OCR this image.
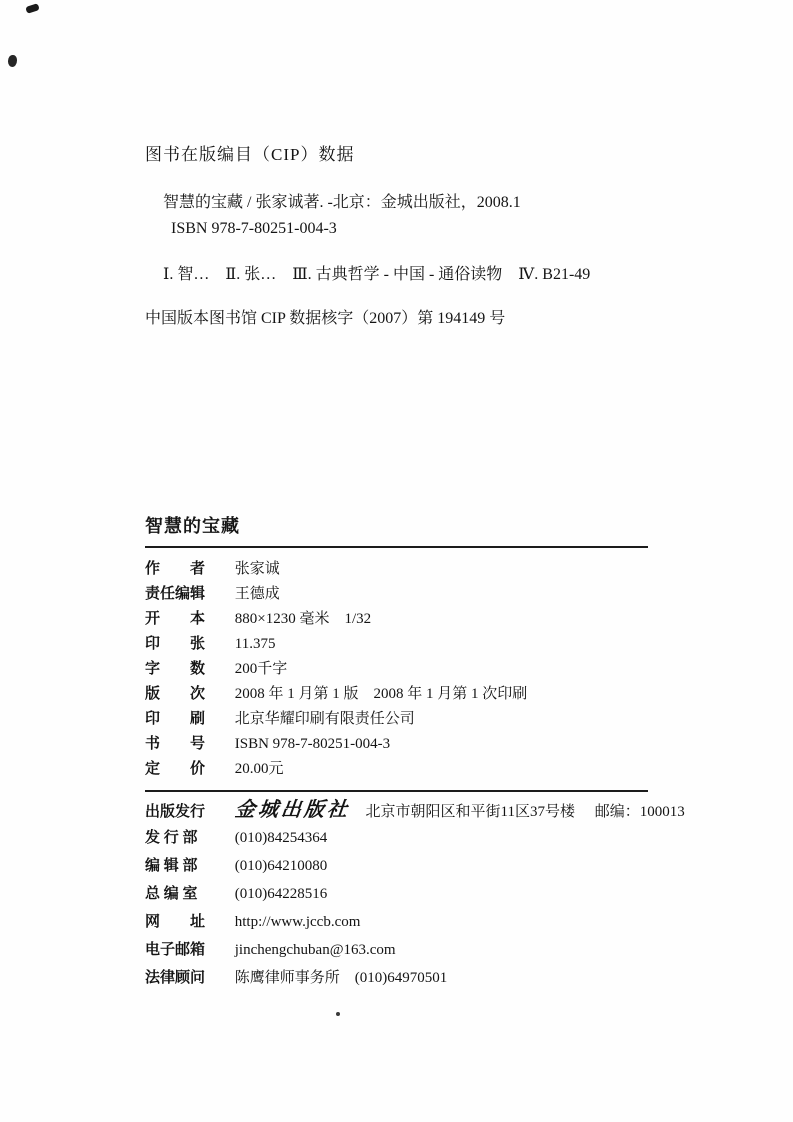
图书在版编目（CIP）数据
智慧的宝藏 / 张家诚著. -北京：金城出版社，2008.1
ISBN 978-7-80251-004-3
Ⅰ. 智…　Ⅱ. 张…　Ⅲ. 古典哲学 - 中国 - 通俗读物　Ⅳ. B21-49
中国版本图书馆 CIP 数据核字（2007）第 194149 号
智慧的宝藏
作　　者 张家诚
责任编辑 王德成
开　　本 880×1230 毫米　1/32
印　　张 11.375
字　　数 200千字
版　　次 2008 年 1 月第 1 版　2008 年 1 月第 1 次印刷
印　　刷 北京华耀印刷有限责任公司
书　　号 ISBN 978-7-80251-004-3
定　　价 20.00元
出版发行 金城出版社 北京市朝阳区和平街11区37号楼 邮编：100013
发 行 部 (010)84254364
编 辑 部 (010)64210080
总 编 室 (010)64228516
网　　址 http://www.jccb.com
电子邮箱 jinchengchuban@163.com
法律顾问 陈鹰律师事务所　(010)64970501
